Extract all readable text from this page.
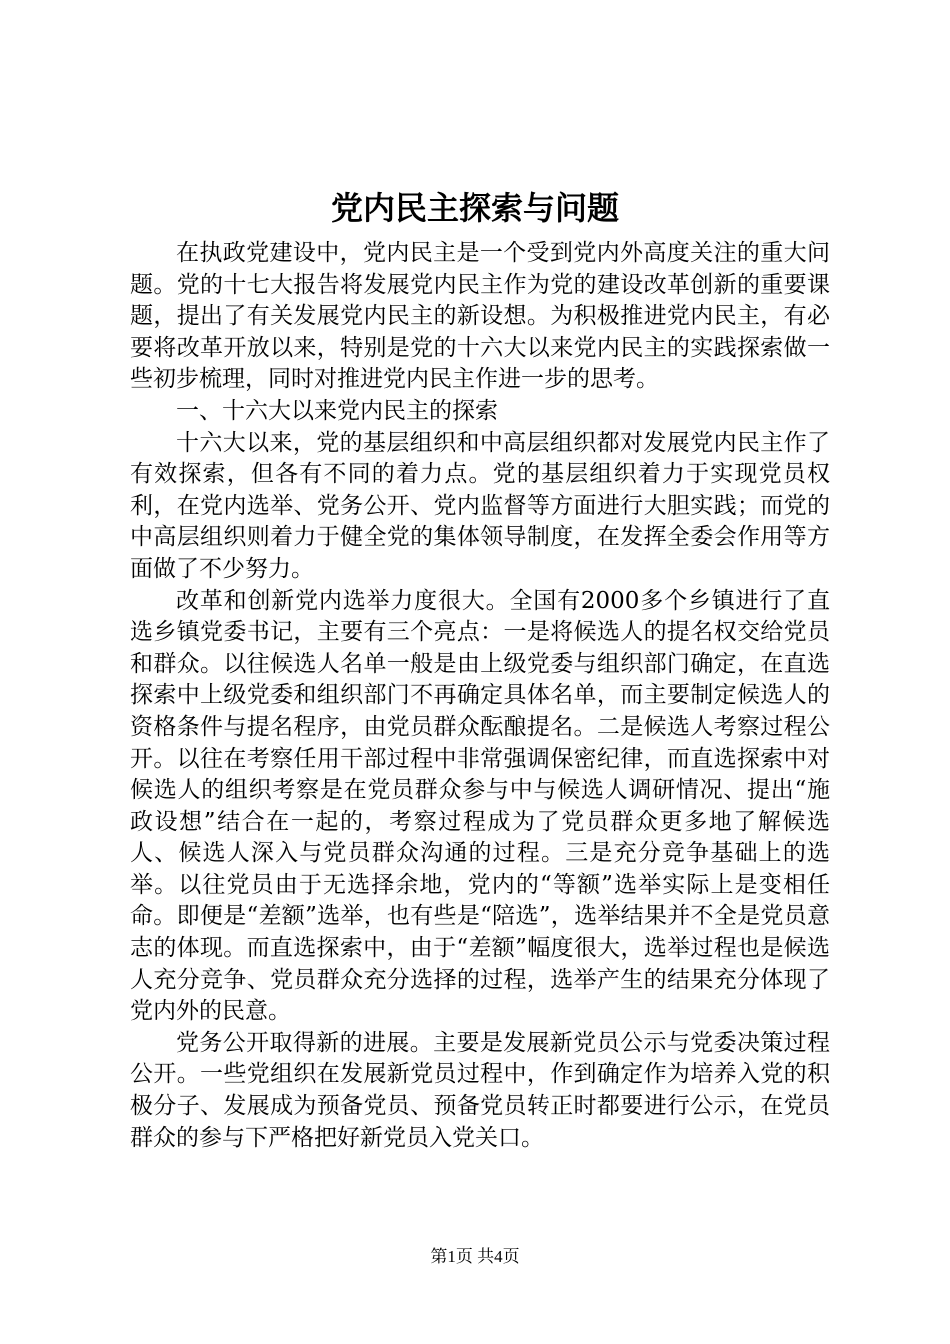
党内民主探索与问题

在执政党建设中，党内民主是一个受到党内外高度关注的重大问题。党的十七大报告将发展党内民主作为党的建设改革创新的重要课题，提出了有关发展党内民主的新设想。为积极推进党内民主，有必要将改革开放以来，特别是党的十六大以来党内民主的实践探索做一些初步梳理，同时对推进党内民主作进一步的思考。

一、十六大以来党内民主的探索

十六大以来，党的基层组织和中高层组织都对发展党内民主作了有效探索，但各有不同的着力点。党的基层组织着力于实现党员权利，在党内选举、党务公开、党内监督等方面进行大胆实践；而党的中高层组织则着力于健全党的集体领导制度，在发挥全委会作用等方面做了不少努力。

改革和创新党内选举力度很大。全国有2000多个乡镇进行了直选乡镇党委书记，主要有三个亮点：一是将候选人的提名权交给党员和群众。以往候选人名单一般是由上级党委与组织部门确定，在直选探索中上级党委和组织部门不再确定具体名单，而主要制定候选人的资格条件与提名程序，由党员群众酝酿提名。二是候选人考察过程公开。以往在考察任用干部过程中非常强调保密纪律，而直选探索中对候选人的组织考察是在党员群众参与中与候选人调研情况、提出“施政设想”结合在一起的，考察过程成为了党员群众更多地了解候选人、候选人深入与党员群众沟通的过程。三是充分竞争基础上的选举。以往党员由于无选择余地，党内的“等额”选举实际上是变相任命。即便是“差额”选举，也有些是“陪选”，选举结果并不全是党员意志的体现。而直选探索中，由于“差额”幅度很大，选举过程也是候选人充分竞争、党员群众充分选择的过程，选举产生的结果充分体现了党内外的民意。

党务公开取得新的进展。主要是发展新党员公示与党委决策过程公开。一些党组织在发展新党员过程中，作到确定作为培养入党的积极分子、发展成为预备党员、预备党员转正时都要进行公示，在党员群众的参与下严格把好新党员入党关口。

第1页 共4页
